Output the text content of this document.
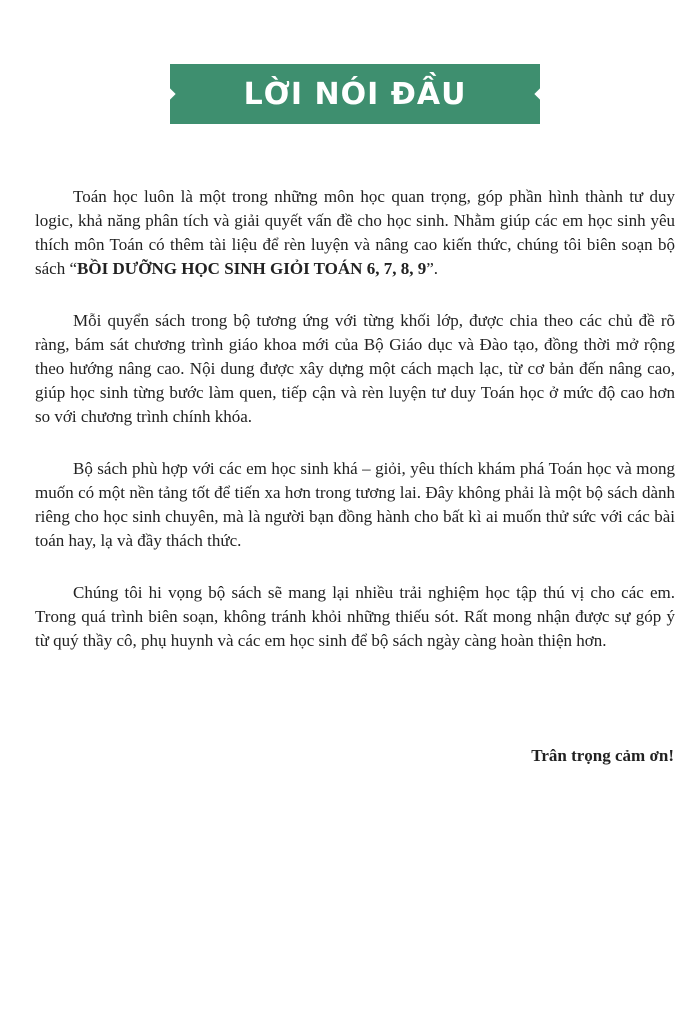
LỜI NÓI ĐẦU

Toán học luôn là một trong những môn học quan trọng, góp phần hình thành tư duy logic, khả năng phân tích và giải quyết vấn đề cho học sinh. Nhằm giúp các em học sinh yêu thích môn Toán có thêm tài liệu để rèn luyện và nâng cao kiến thức, chúng tôi biên soạn bộ sách “BỒI DƯỠNG HỌC SINH GIỎI TOÁN 6, 7, 8, 9”.

Mỗi quyển sách trong bộ tương ứng với từng khối lớp, được chia theo các chủ đề rõ ràng, bám sát chương trình giáo khoa mới của Bộ Giáo dục và Đào tạo, đồng thời mở rộng theo hướng nâng cao. Nội dung được xây dựng một cách mạch lạc, từ cơ bản đến nâng cao, giúp học sinh từng bước làm quen, tiếp cận và rèn luyện tư duy Toán học ở mức độ cao hơn so với chương trình chính khóa.

Bộ sách phù hợp với các em học sinh khá – giỏi, yêu thích khám phá Toán học và mong muốn có một nền tảng tốt để tiến xa hơn trong tương lai. Đây không phải là một bộ sách dành riêng cho học sinh chuyên, mà là người bạn đồng hành cho bất kì ai muốn thử sức với các bài toán hay, lạ và đầy thách thức.

Chúng tôi hi vọng bộ sách sẽ mang lại nhiều trải nghiệm học tập thú vị cho các em. Trong quá trình biên soạn, không tránh khỏi những thiếu sót. Rất mong nhận được sự góp ý từ quý thầy cô, phụ huynh và các em học sinh để bộ sách ngày càng hoàn thiện hơn.

Trân trọng cảm ơn!
